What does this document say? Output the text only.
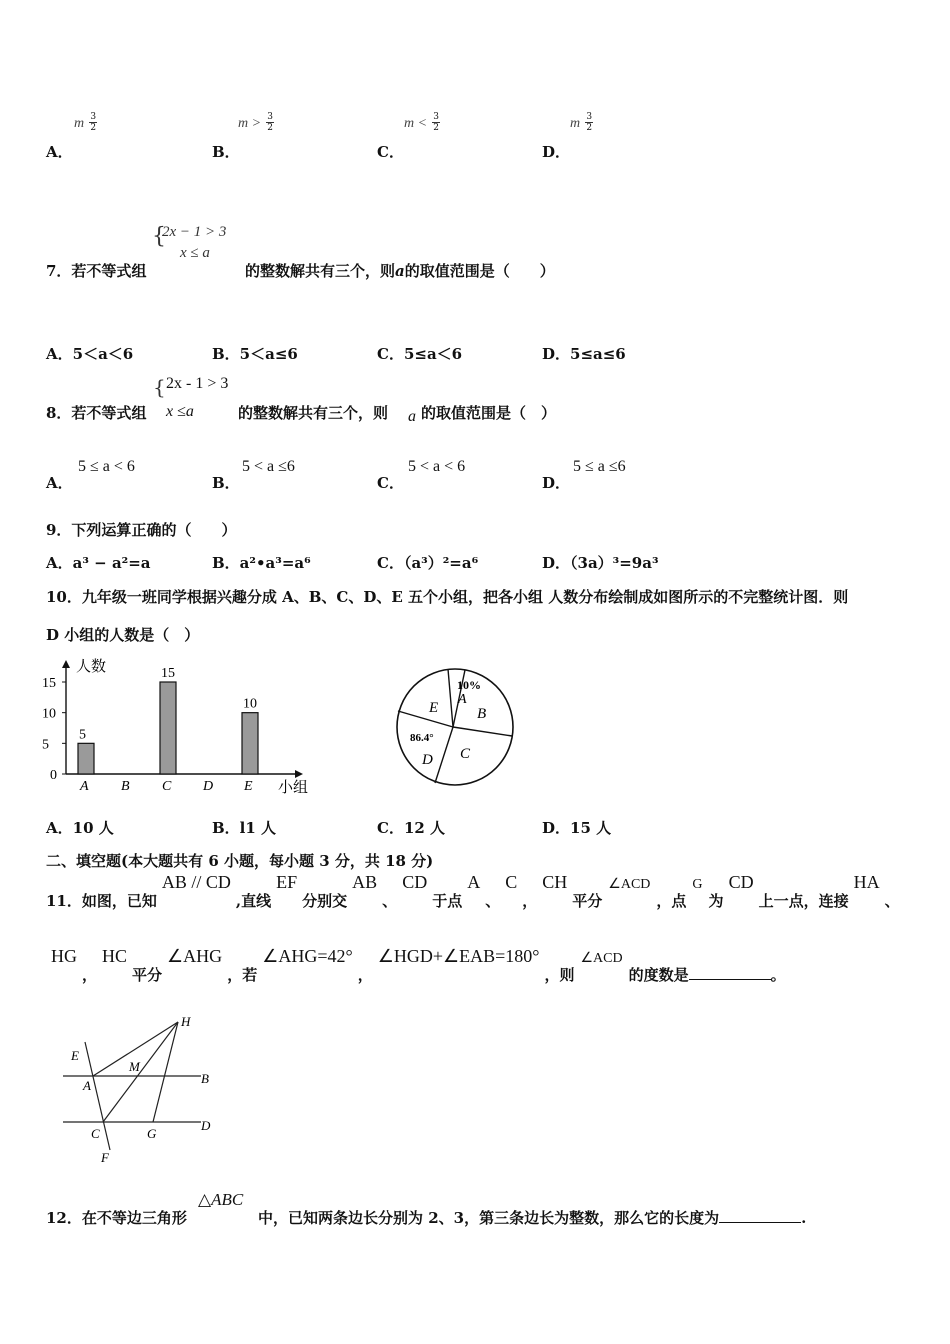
A．
m $\frac{3}{2}$
B．
$m > \frac{3}{2}$
C．
$m < \frac{3}{2}$
D．
m $\frac{3}{2}$
7．若不等式组
{
2x − 1 > 3
x ≤ a
的整数解共有三个，则a的取值范围是（　　）
A．5＜a＜6	B．5＜a≤6	C．5≤a＜6	D．5≤a≤6
8．若不等式组
{ 2x - 1 > 3
x ≤a	的整数解共有三个，则 a 的取值范围是（　）
A．
5 ≤ a < 6
B．
5 < a ≤6
C．
5 < a < 6
D．
5 ≤ a ≤6
9．下列运算正确的（　　）
A．a³ − a²=a	B．a²•a³=a⁶	C．（a³）²=a⁶	D．（3a）³=9a³
10．九年级一班同学根据兴趣分成 A、B、C、D、E 五个小组，把各小组 人数分布绘制成如图所示的不完整统计图．则
D 小组的人数是（　）
人数
小组
0
5
10
15
5
A B
15
C D
10
E
10%
A
B
C
86.4°
D
E
A．10 人	B．l1 人	C．12 人	D．15 人
二、填空题(本大题共有 6 小题，每小题 3 分，共 18 分)
11．如图，已知AB // CD,直线EF分别交AB、CD于点A、C，CH平分∠ACD，点G为CD上一点，连接HA、
HG，HC平分∠AHG，若∠AHG=42°，∠HGD+∠EAB=180°，则∠ACD的度数是	。
H
E
M
A	B
C	G
D
F
12．在不等边三角形
△ABC
中，已知两条边长分别为 2、3，第三条边长为整数，那么它的长度为	.
